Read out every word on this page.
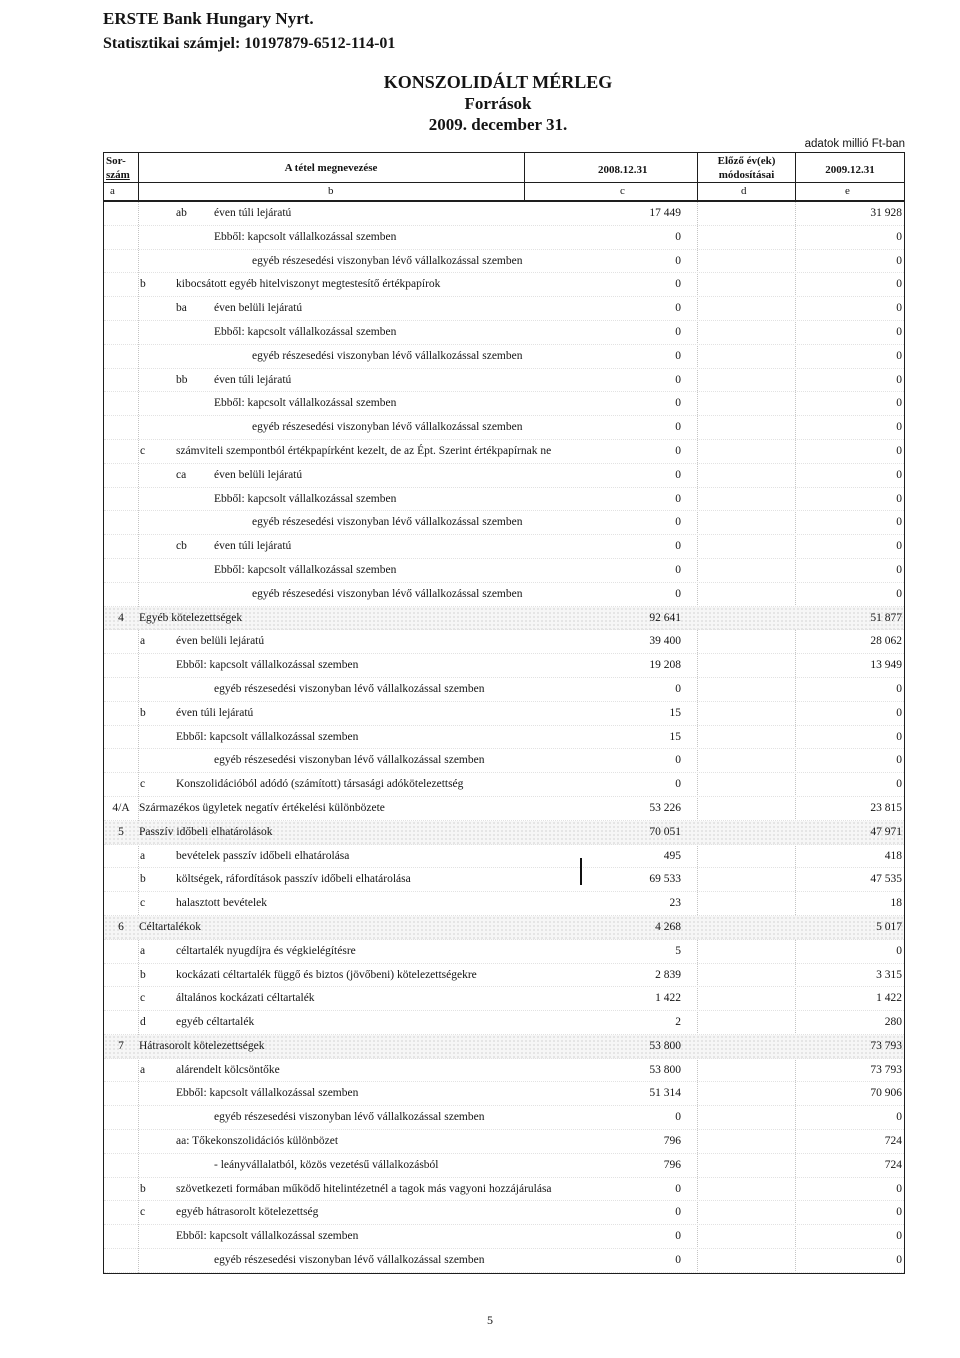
ERSTE Bank Hungary Nyrt.
Statisztikai számjel: 10197879-6512-114-01
KONSZOLIDÁLT MÉRLEG
Források
2009. december 31.
adatok millió Ft-ban
Sor-
szám
A tétel megnevezése	2008.12.31
Előző év(ek)
módosításai	2009.12.31
a	b	c	d	e
ab éven túli lejáratú	17 449	31 928
Ebből: kapcsolt vállalkozással szemben	0	0
egyéb részesedési viszonyban lévő vállalkozással szemben	0	0
b	kibocsátott egyéb hitelviszonyt megtestesítő értékpapírok	0	0
ba éven belüli lejáratú	0	0
Ebből: kapcsolt vállalkozással szemben	0	0
egyéb részesedési viszonyban lévő vállalkozással szemben	0	0
bb éven túli lejáratú	0	0
Ebből: kapcsolt vállalkozással szemben	0	0
egyéb részesedési viszonyban lévő vállalkozással szemben	0	0
c	számviteli szempontból értékpapírként kezelt, de az Épt. Szerint értékpapírnak ne	0	0
ca éven belüli lejáratú	0	0
Ebből: kapcsolt vállalkozással szemben	0	0
egyéb részesedési viszonyban lévő vállalkozással szemben	0	0
cb éven túli lejáratú	0	0
Ebből: kapcsolt vállalkozással szemben	0	0
egyéb részesedési viszonyban lévő vállalkozással szemben	0	0
4	Egyéb kötelezettségek	92 641	51 877
a	éven belüli lejáratú	39 400	28 062
Ebből: kapcsolt vállalkozással szemben	19 208	13 949
egyéb részesedési viszonyban lévő vállalkozással szemben	0	0
b	éven túli lejáratú	15	0
Ebből: kapcsolt vállalkozással szemben	15	0
egyéb részesedési viszonyban lévő vállalkozással szemben	0	0
c	Konszolidációból adódó (számított) társasági adókötelezettség	0	0
4/A Származékos ügyletek negatív értékelési különbözete	53 226	23 815
5	Passzív időbeli elhatárolások	70 051	47 971
a	bevételek passzív időbeli elhatárolása	495	418
b	költségek, ráfordítások passzív időbeli elhatárolása	69 533	47 535
c	halasztott bevételek	23	18
6	Céltartalékok	4 268	5 017
a	céltartalék nyugdíjra és végkielégítésre	5	0
b	kockázati céltartalék függő és biztos (jövőbeni) kötelezettségekre	2 839	3 315
c	általános kockázati céltartalék	1 422	1 422
d	egyéb céltartalék	2	280
7	Hátrasorolt kötelezettségek	53 800	73 793
a	alárendelt kölcsöntőke	53 800	73 793
Ebből: kapcsolt vállalkozással szemben	51 314	70 906
egyéb részesedési viszonyban lévő vállalkozással szemben	0	0
aa: Tőkekonszolidációs különbözet	796	724
- leányvállalatból, közös vezetésű vállalkozásból	796	724
b	szövetkezeti formában működő hitelintézetnél a tagok más vagyoni hozzájárulása	0	0
c	egyéb hátrasorolt kötelezettség	0	0
Ebből: kapcsolt vállalkozással szemben	0	0
egyéb részesedési viszonyban lévő vállalkozással szemben	0	0
5
